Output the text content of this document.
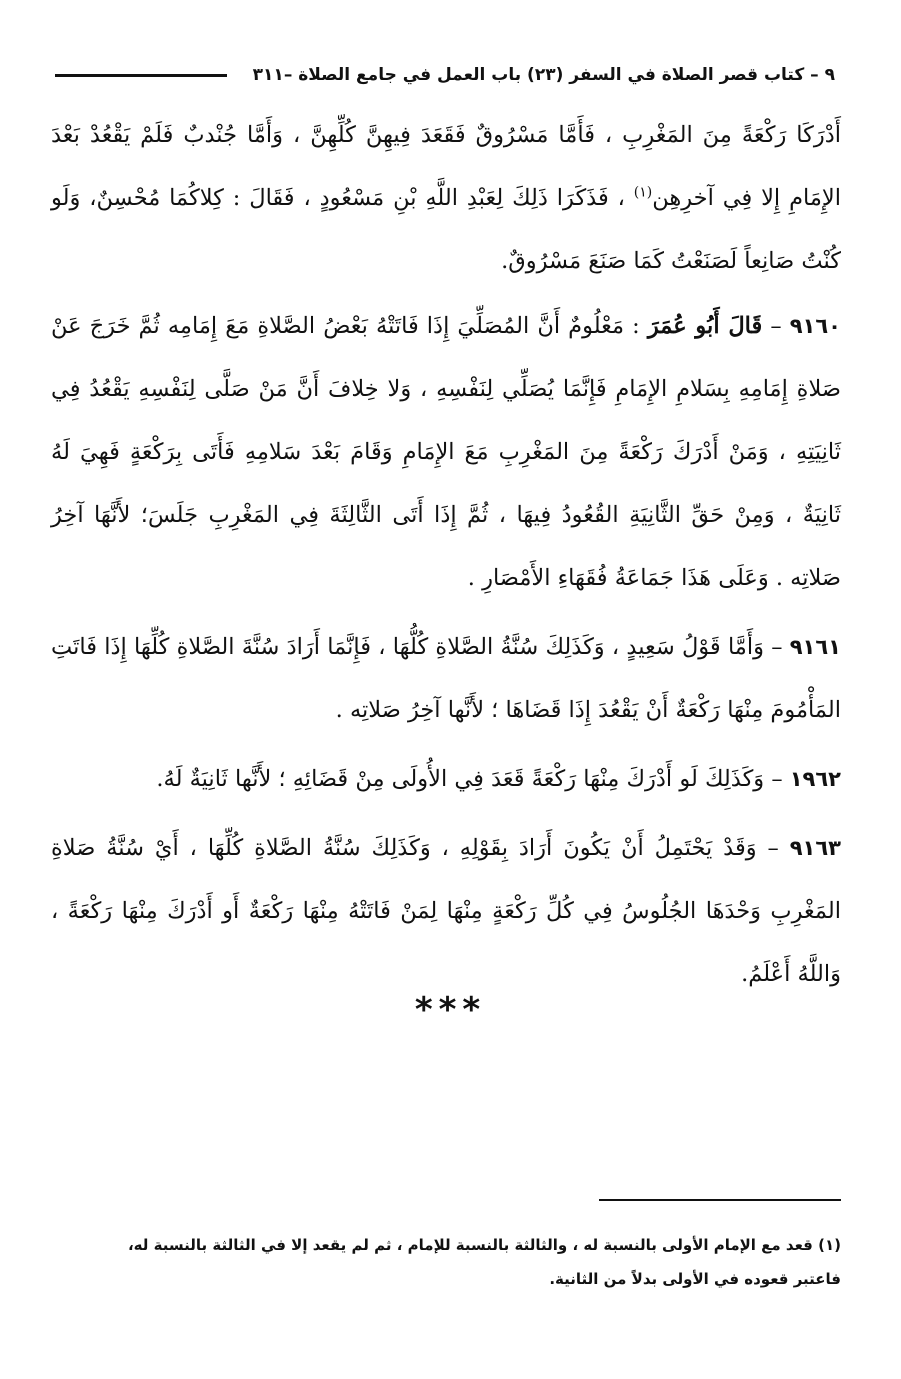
٩ – كتاب قصر الصلاة في السفر (٢٣) باب العمل في جامع الصلاة –٣١١

أَدْرَكَا رَكْعَةً مِنَ المَغْرِبِ ، فَأَمَّا مَسْرُوقٌ فَقَعَدَ فِيهِنَّ كُلِّهِنَّ ، وَأَمَّا جُنْدبٌ فَلَمْ يَقْعُدْ بَعْدَ الإِمَامِ إِلا فِي آخرِهِن$^{(١)}$ ، فَذَكَرَا ذَلِكَ لِعَبْدِ اللَّهِ بْنِ مَسْعُودٍ ، فَقَالَ : كِلاكُمَا مُحْسِنٌ، وَلَو كُنْتُ صَانِعاً لَصَنَعْتُ كَمَا صَنَعَ مَسْرُوقٌ.

٩١٦٠ – قَالَ أَبُو عُمَرَ : مَعْلُومٌ أَنَّ المُصَلِّيَ إِذَا فَاتَتْهُ بَعْضُ الصَّلاةِ مَعَ إِمَامِه ثُمَّ خَرَجَ عَنْ صَلاةِ إِمَامِهِ بِسَلامِ الإِمَامِ فَإِنَّمَا يُصَلِّي لِنَفْسِهِ ، وَلا خِلافَ أَنَّ مَنْ صَلَّى لِنَفْسِهِ يَقْعُدُ فِي ثَانِيَتِهِ ، وَمَنْ أَدْرَكَ رَكْعَةً مِنَ المَغْرِبِ مَعَ الإِمَامِ وَقَامَ بَعْدَ سَلامِهِ فَأَتَى بِرَكْعَةٍ فَهِيَ لَهُ ثَانِيَةٌ ، وَمِنْ حَقِّ الثَّانِيَةِ القُعُودُ فِيهَا ، ثُمَّ إِذَا أَتَى الثَّالِثَةَ فِي المَغْرِبِ جَلَسَ؛ لأَنَّهَا آخِرُ صَلاتِه . وَعَلَى هَذَا جَمَاعَةُ فُقَهَاءِ الأَمْصَارِ .

٩١٦١ – وَأَمَّا قَوْلُ سَعِيدٍ ، وَكَذَلِكَ سُنَّةُ الصَّلاةِ كُلُّهَا ، فَإِنَّمَا أَرَادَ سُنَّةَ الصَّلاةِ كُلِّهَا إِذَا فَاتَتِ المَأْمُومَ مِنْهَا رَكْعَةٌ أَنْ يَقْعُدَ إِذَا قَضَاهَا ؛ لأَنَّها آخِرُ صَلاتِه .

١٩٦٢ – وَكَذَلِكَ لَو أَدْرَكَ مِنْهَا رَكْعَةً قَعَدَ فِي الأُولَى مِنْ قَضَائِهِ ؛ لأَنَّها ثَانِيَةٌ لَهُ.

٩١٦٣ – وَقَدْ يَحْتَمِلُ أَنْ يَكُونَ أَرَادَ بِقَوْلِهِ ، وَكَذَلِكَ سُنَّةُ الصَّلاةِ كُلِّهَا ، أَيْ سُنَّةُ صَلاةِ المَغْرِبِ وَحْدَهَا الجُلُوسُ فِي كُلِّ رَكْعَةٍ مِنْهَا لِمَنْ فَاتَتْهُ مِنْهَا رَكْعَةٌ أَو أَدْرَكَ مِنْهَا رَكْعَةً ، وَاللَّهُ أَعْلَمُ.

***

(١) قعد مع الإمام الأولى بالنسبة له ، والثالثة بالنسبة للإمام ، ثم لم يقعد إلا في الثالثة بالنسبة له،

فاعتبر قعوده في الأولى بدلاً من الثانية.
